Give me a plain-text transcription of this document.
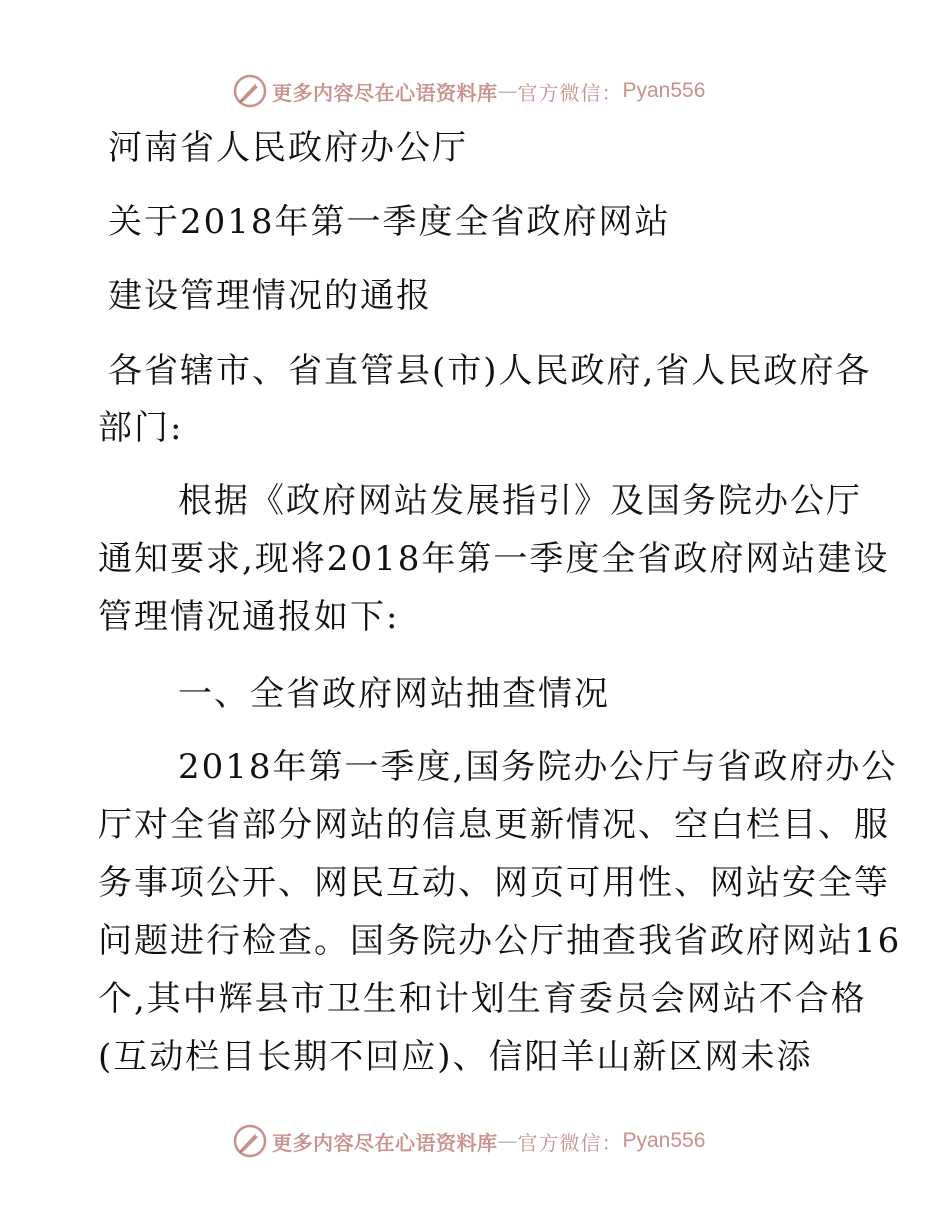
更多内容尽在心语资料库 — 官方微信： Pyan556
河南省人民政府办公厅
关于2018年第一季度全省政府网站
建设管理情况的通报
各省辖市、省直管县(市)人民政府,省人民政府各
部门:
根据《政府网站发展指引》及国务院办公厅
通知要求,现将2018年第一季度全省政府网站建设
管理情况通报如下:
一、全省政府网站抽查情况
2018年第一季度,国务院办公厅与省政府办公
厅对全省部分网站的信息更新情况、空白栏目、服
务事项公开、网民互动、网页可用性、网站安全等
问题进行检查。国务院办公厅抽查我省政府网站16
个,其中辉县市卫生和计划生育委员会网站不合格
(互动栏目长期不回应)、信阳羊山新区网未添
更多内容尽在心语资料库 — 官方微信： Pyan556
